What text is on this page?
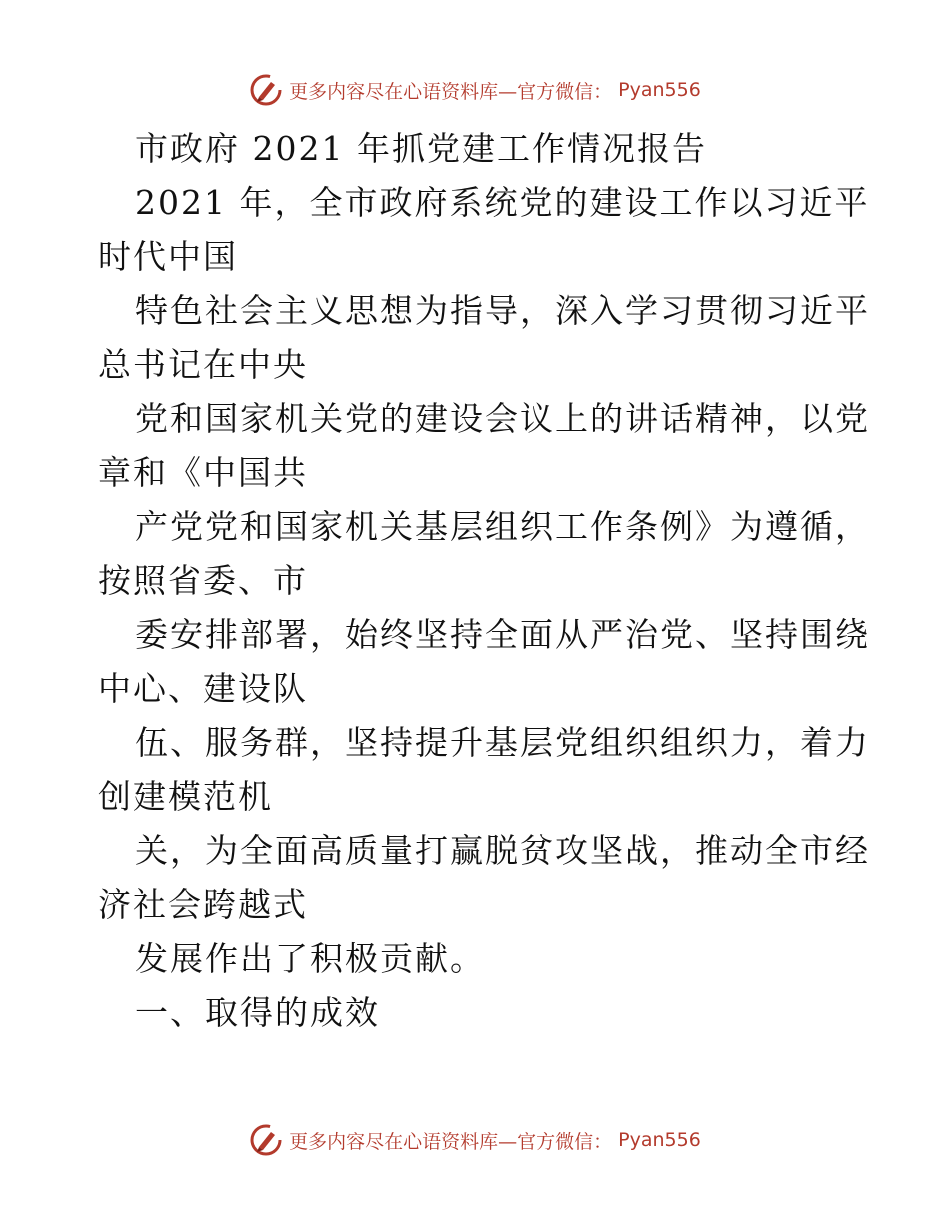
更多内容尽在心语资料库—官方微信： Pyan556
市政府 2021 年抓党建工作情况报告
2021 年，全市政府系统党的建设工作以习近平
时代中国
特色社会主义思想为指导，深入学习贯彻习近平
总书记在中央
党和国家机关党的建设会议上的讲话精神，以党
章和《中国共
产党党和国家机关基层组织工作条例》为遵循，
按照省委、市
委安排部署，始终坚持全面从严治党、坚持围绕
中心、建设队
伍、服务群，坚持提升基层党组织组织力，着力
创建模范机
关，为全面高质量打赢脱贫攻坚战，推动全市经
济社会跨越式
发展作出了积极贡献。
一、取得的成效
更多内容尽在心语资料库—官方微信： Pyan556
